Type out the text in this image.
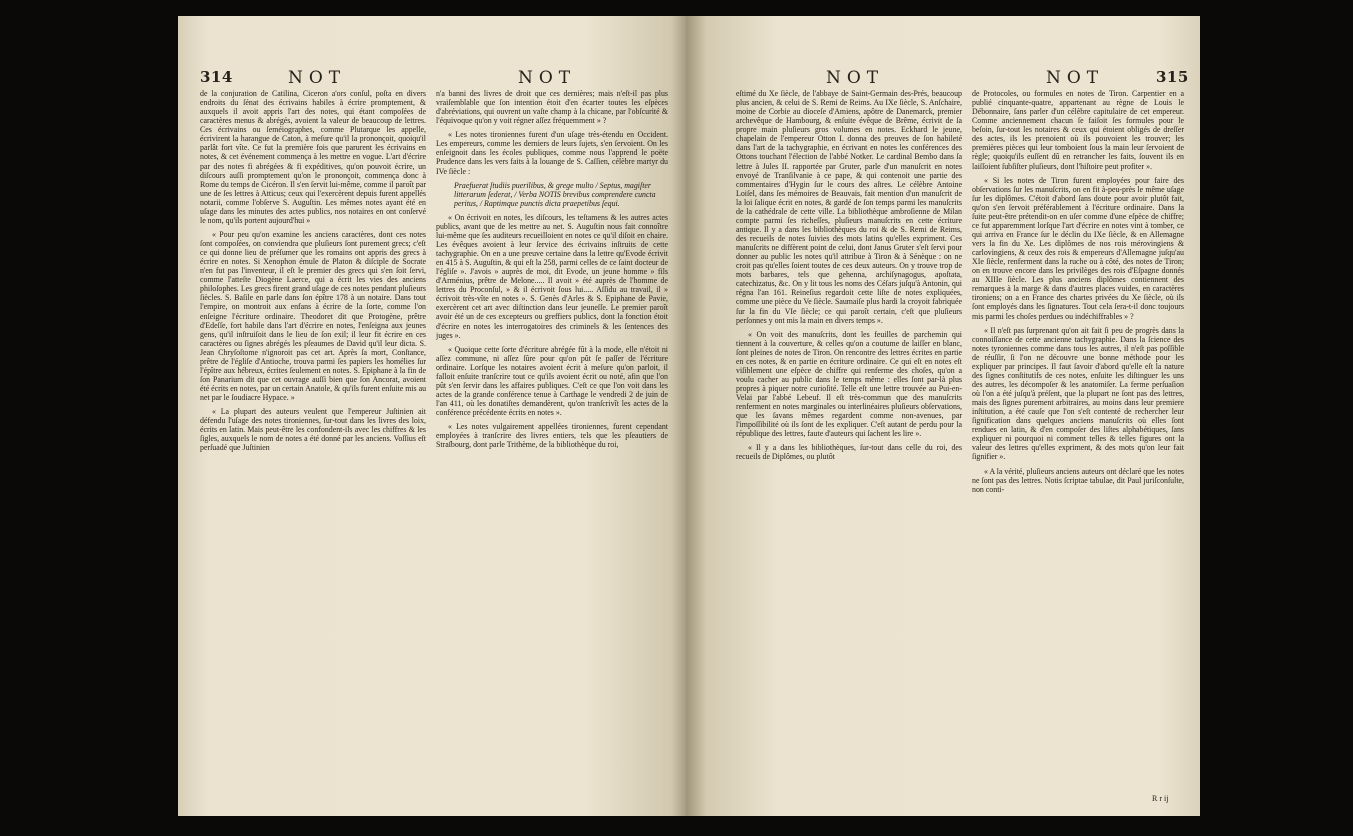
314	NOT	NOT

de la conjuration de Catilina, Ciceron a'ors conſul, poſta en divers endroits du ſénat des écrivains habiles à écrire promptement, & auxquels il avoit appris l'art des notes, qui étant compoſées de caractères menus & abrégés, avoient la valeur de beaucoup de lettres. Ces écrivains ou ſeméiographes, comme Plutarque les appelle, écrivirent la harangue de Caton, à meſure qu'il la prononçoit, quoiqu'il parlât fort vîte. Ce fut la première fois que parurent les écrivains en notes, & cet événement commença à les mettre en vogue. L'art d'écrire par des notes fi abrégées & fi expéditives, qu'on pouvoit écrire, un diſcours auſſi promptement qu'on le prononçoit, commença donc à Rome du temps de Cicéron. Il s'en ſervit lui-même, comme il paroît par une de ſes lettres à Atticus; ceux qui l'exercèrent depuis furent appellés notarii, comme l'obſerve S. Auguſtin. Les mêmes notes ayant été en uſage dans les minutes des actes publics, nos notaires en ont conſervé le nom, qu'ils portent aujourd'hui »

« Pour peu qu'on examine les anciens caractères, dont ces notes ſont compoſées, on conviendra que pluſieurs ſont purement grecs; c'eſt ce qui donne lieu de préſumer que les romains ont appris des grecs à écrire en notes. Si Xenophon émule de Platon & diſciple de Socrate n'en fut pas l'inventeur, il eſt le premier des grecs qui s'en ſoit ſervi, comme l'atteſte Diogène Laerce, qui a écrit les vies des anciens philoſophes. Les grecs firent grand uſage de ces notes pendant pluſieurs ſiècles. S. Baſile en parle dans ſon épître 178 à un notaire. Dans tout l'empire, on montroit aux enfans à écrire de la ſorte, comme l'on enſeigne l'écriture ordinaire. Theodoret dit que Protogène, prêtre d'Edeſſe, fort habile dans l'art d'écrire en notes, l'enſeigna aux jeunes gens, qu'il inſtruiſoit dans le lieu de ſon exil; il leur fit écrire en ces caractères ou ſignes abrégés les pſeaumes de David qu'il leur dicta. S. Jean Chryſoſtome n'ignoroit pas cet art. Après ſa mort, Conſtance, prêtre de l'égliſe d'Antioche, trouva parmi ſes papiers les homélies ſur l'épître aux hébreux, écrites ſeulement en notes. S. Epiphane à la fin de ſon Panarium dit que cet ouvrage auſſi bien que ſon Ancorat, avoient été écrits en notes, par un certain Anatole, & qu'ils furent enſuite mis au net par le ſoudiacre Hypace. »

« La plupart des auteurs veulent que l'empereur Juſtinien ait défendu l'uſage des notes tironiennes, ſur-tout dans les livres des loix, écrits en latin. Mais peut-être les confondent-ils avec les chiffres & les ſigles, auxquels le nom de notes a été donné par les anciens. Voſſius eſt perſuadé que Juſtinien

n'a banni des livres de droit que ces dernières; mais n'eſt-il pas plus vraiſemblable que ſon intention étoit d'en écarter toutes les eſpèces d'abréviations, qui ouvrent un vaſte champ à la chicane, par l'obſcurité & l'équivoque qu'on y voit régner aſſez fréquemment » ?

« Les notes tironiennes furent d'un uſage très-étendu en Occident. Les empereurs, comme les derniers de leurs ſujets, s'en ſervoient. On les enſeignoit dans les écoles publiques, comme nous l'apprend le poëte Prudence dans les vers faits à la louange de S. Caſſien, célèbre martyr du IVe ſiècle :

Praefuerat ſtudiis puerilibus, & grege multo / Septus, magiſter litterarum ſederat, / Verba NOTIS brevibus comprendere cuncta peritus, / Raptimque punctis dicta praepetibus ſequi.

« On écrivoit en notes, les diſcours, les teſtamens & les autres actes publics, avant que de les mettre au net. S. Auguſtin nous fait connoître lui-même que ſes auditeurs recueilloient en notes ce qu'il diſoit en chaire. Les évêques avoient à leur ſervice des écrivains inſtruits de cette tachygraphie. On en a une preuve certaine dans la lettre qu'Evode écrivit en 415 à S. Auguſtin, & qui eſt la 258, parmi celles de ce ſaint docteur de l'égliſe ». J'avois » auprès de moi, dit Evode, un jeune homme » fils d'Arménius, prêtre de Melone..... Il avoit » été auprès de l'homme de lettres du Proconſul, » & il écrivoit ſous lui..... Aſſidu au travail, il » écrivoit très-vîte en notes ». S. Genès d'Arles & S. Epiphane de Pavie, exercèrent cet art avec diſtinction dans leur jeuneſſe. Le premier paroît avoir été un de ces excepteurs ou greffiers publics, dont la fonction étoit d'écrire en notes les interrogatoires des criminels & les ſentences des juges ».

« Quoique cette ſorte d'écriture abrégée fût à la mode, elle n'étoit ni aſſez commune, ni aſſez ſûre pour qu'on pût ſe paſſer de l'écriture ordinaire. Lorſque les notaires avoient écrit à meſure qu'on parloit, il falloit enſuite tranſcrire tout ce qu'ils avoient écrit ou noté, afin que l'on pût s'en ſervir dans les affaires publiques. C'eſt ce que l'on voit dans les actes de la grande conférence tenue à Carthage le vendredi 2 de juin de l'an 411, où les donatiſtes demandèrent, qu'on tranſcrivît les actes de la conférence précédente écrits en notes ».

« Les notes vulgairement appellées tironiennes, furent cependant employées à tranſcrire des livres entiers, tels que les pſeautiers de Straſbourg, dont parle Trithème, de la bibliothèque du roi,

NOT	NOT	315

eſtimé du Xe ſiècle, de l'abbaye de Saint-Germain des-Prés, beaucoup plus ancien, & celui de S. Remi de Reims. Au IXe ſiècle, S. Anſchaire, moine de Corbie au dioceſe d'Amiens, apôtre de Danemarck, premier archevêque de Hambourg, & enſuite évêque de Brême, écrivit de ſa propre main pluſieurs gros volumes en notes. Eckhard le jeune, chapelain de l'empereur Otton I. donna des preuves de ſon habileté dans l'art de la tachygraphie, en écrivant en notes les conférences des Ottons touchant l'élection de l'abbé Notker. Le cardinal Bembo dans ſa lettre à Jules II. rapportée par Gruter, parle d'un manuſcrit en notes envoyé de Tranſilvanie à ce pape, & qui contenoit une partie des commentaires d'Hygin ſur le cours des aſtres. Le célèbre Antoine Loiſel, dans ſes mémoires de Beauvais, fait mention d'un manuſcrit de la loi ſalique écrit en notes, & gardé de ſon temps parmi les manuſcrits de la cathédrale de cette ville. La bibliothèque ambroſienne de Milan compte parmi ſes richeſſes, pluſieurs manuſcrits en cette écriture antique. Il y a dans les bibliothèques du roi & de S. Remi de Reims, des recueils de notes ſuivies des mots latins qu'elles expriment. Ces manuſcrits ne diffèrent point de celui, dont Janus Gruter s'eſt ſervi pour donner au public les notes qu'il attribue à Tiron & à Sénèque : on ne croit pas qu'elles ſoient toutes de ces deux auteurs. On y trouve trop de mots barbares, tels que gehenna, archiſynagogus, apoſtata, catechizatus, &c. On y lit tous les noms des Céſars juſqu'à Antonin, qui régna l'an 161. Reineſius regardoit cette liſte de notes expliquées, comme une pièce du Ve ſiècle. Saumaiſe plus hardi la croyoit fabriquée ſur la fin du VIe ſiècle; ce qui paroît certain, c'eſt que pluſieurs perſonnes y ont mis la main en divers temps ».

« On voit des manuſcrits, dont les feuilles de parchemin qui tiennent à la couverture, & celles qu'on a coutume de laiſſer en blanc, ſont pleines de notes de Tiron. On rencontre des lettres écrites en partie en ces notes, & en partie en écriture ordinaire. Ce qui eſt en notes eſt viſiblement une eſpèce de chiffre qui renferme des choſes, qu'on a voulu cacher au public dans le temps même : elles ſont par-là plus propres à piquer notre curioſité. Telle eſt une lettre trouvée au Pui-en-Velai par l'abbé Lebeuf. Il eſt très-commun que des manuſcrits renferment en notes marginales ou interlinéaires pluſieurs obſervations, que les ſavans mêmes regardent comme non-avenues, par l'impoſſibilité où ils ſont de les expliquer. C'eſt autant de perdu pour la république des lettres, faute d'auteurs qui ſachent les lire ».

« Il y a dans les bibliothèques, ſur-tout dans celle du roi, des recueils de Diplômes, ou plutôt

de Protocoles, ou formules en notes de Tiron. Carpentier en a publié cinquante-quatre, appartenant au règne de Louis le Débonnaire, ſans parler d'un célèbre capitulaire de cet empereur. Comme anciennement chacun ſe faiſoit ſes formules pour le beſoin, ſur-tout les notaires & ceux qui étoient obligés de dreſſer des actes, ils les prenoient où ils pouvoient les trouver; les premières pièces qui leur tomboient ſous la main leur ſervoient de règle; quoiqu'ils euſſent dû en retrancher les faits, ſouvent ils en laiſſoient ſubſiſter pluſieurs, dont l'hiſtoire peut profiter ».

« Si les notes de Tiron furent employées pour faire des obſervations ſur les manuſcrits, on en fit à-peu-près le même uſage ſur les diplômes. C'étoit d'abord ſans doute pour avoir plutôt fait, qu'on s'en ſervoit préférablement à l'écriture ordinaire. Dans la ſuite peut-être prétendit-on en uſer comme d'une eſpèce de chiffre; ce fut apparemment lorſque l'art d'écrire en notes vint à tomber, ce qui arriva en France ſur le déclin du IXe ſiècle, & en Allemagne vers la fin du Xe. Les diplômes de nos rois mérovingiens & carlovingiens, & ceux des rois & empereurs d'Allemagne juſqu'au XIe ſiècle, renferment dans la ruche ou à côté, des notes de Tiron; on en trouve encore dans les privilèges des rois d'Eſpagne donnés au XIIIe ſiècle. Les plus anciens diplômes contiennent des remarques à la marge & dans d'autres places vuides, en caractères tironiens; on a en France des chartes privées du Xe ſiècle, où ils ſont employés dans les ſignatures. Tout cela ſera-t-il donc toujours mis parmi les choſes perdues ou indéchiffrables » ?

« Il n'eſt pas ſurprenant qu'on ait fait ſi peu de progrès dans la connoiſſance de cette ancienne tachygraphie. Dans la ſcience des notes tyroniennes comme dans tous les autres, il n'eſt pas poſſible de réuſſir, ſi l'on ne découvre une bonne méthode pour les expliquer par principes. Il faut ſavoir d'abord qu'elle eſt la nature des ſignes conſtitutifs de ces notes, enſuite les diſtinguer les uns des autres, les décompoſer & les anatomiſer. La ferme perſuaſion où l'on a été juſqu'à préſent, que la plupart ne ſont pas des lettres, mais des ſignes purement arbitraires, au moins dans leur premiere inſtitution, a été cauſe que l'on s'eſt contenté de rechercher leur ſignification dans quelques anciens manuſcrits où elles ſont rendues en latin, & d'en compoſer des liſtes alphabétiques, ſans expliquer ni pourquoi ni comment telles & telles figures ont la valeur des lettres qu'elles expriment, & des mots qu'on leur fait ſignifier ».

« A la vérité, pluſieurs anciens auteurs ont déclaré que les notes ne ſont pas des lettres. Notis ſcriptae tabulae, dit Paul juriſconſulte, non conti-

R r ij
